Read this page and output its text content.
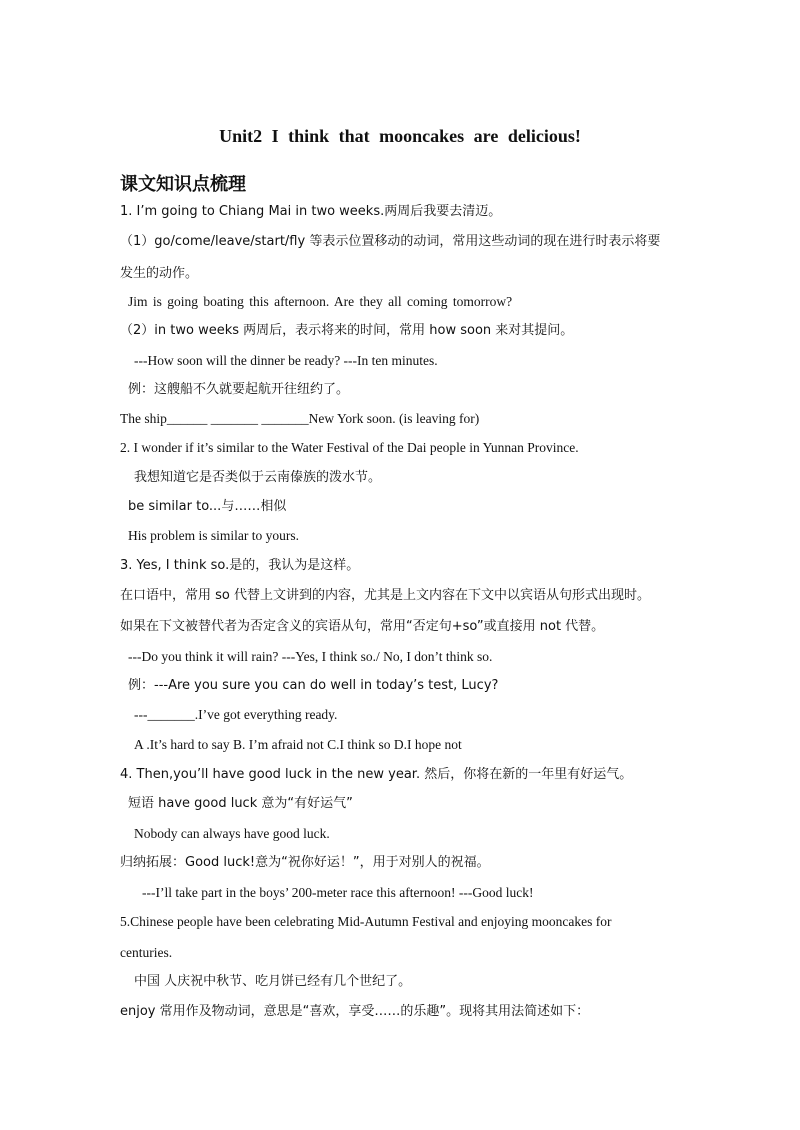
Unit2 I think that mooncakes are delicious!
课文知识点梳理
1. I’m going to Chiang Mai in two weeks.两周后我要去清迈。
（1）go/come/leave/start/fly 等表示位置移动的动词，常用这些动词的现在进行时表示将要
发生的动作。
Jim is going boating this afternoon. Are they all coming tomorrow?
（2）in two weeks 两周后，表示将来的时间，常用 how soon 来对其提问。
---How soon will the dinner be ready? ---In ten minutes.
例：这艘船不久就要起航开往纽约了。
The ship______ _______ _______New York soon. (is leaving for)
2. I wonder if it’s similar to the Water Festival of the Dai people in Yunnan Province.
我想知道它是否类似于云南傣族的泼水节。
be similar to...与……相似
His problem is similar to yours.
3. Yes, I think so.是的，我认为是这样。
在口语中，常用 so 代替上文讲到的内容，尤其是上文内容在下文中以宾语从句形式出现时。
如果在下文被替代者为否定含义的宾语从句，常用“否定句+so”或直接用 not 代替。
---Do you think it will rain? ---Yes, I think so./ No, I don’t think so.
例：---Are you sure you can do well in today’s test, Lucy?
---_______.I’ve got everything ready.
A .It’s hard to say B. I’m afraid not C.I think so D.I hope not
4. Then,you’ll have good luck in the new year. 然后，你将在新的一年里有好运气。
短语 have good luck 意为“有好运气”
Nobody can always have good luck.
归纳拓展：Good luck!意为“祝你好运！”，用于对别人的祝福。
---I’ll take part in the boys’ 200-meter race this afternoon! ---Good luck!
5.Chinese people have been celebrating Mid-Autumn Festival and enjoying mooncakes for
centuries.
中国 人庆祝中秋节、吃月饼已经有几个世纪了。
enjoy 常用作及物动词，意思是“喜欢，享受……的乐趣”。现将其用法简述如下：
